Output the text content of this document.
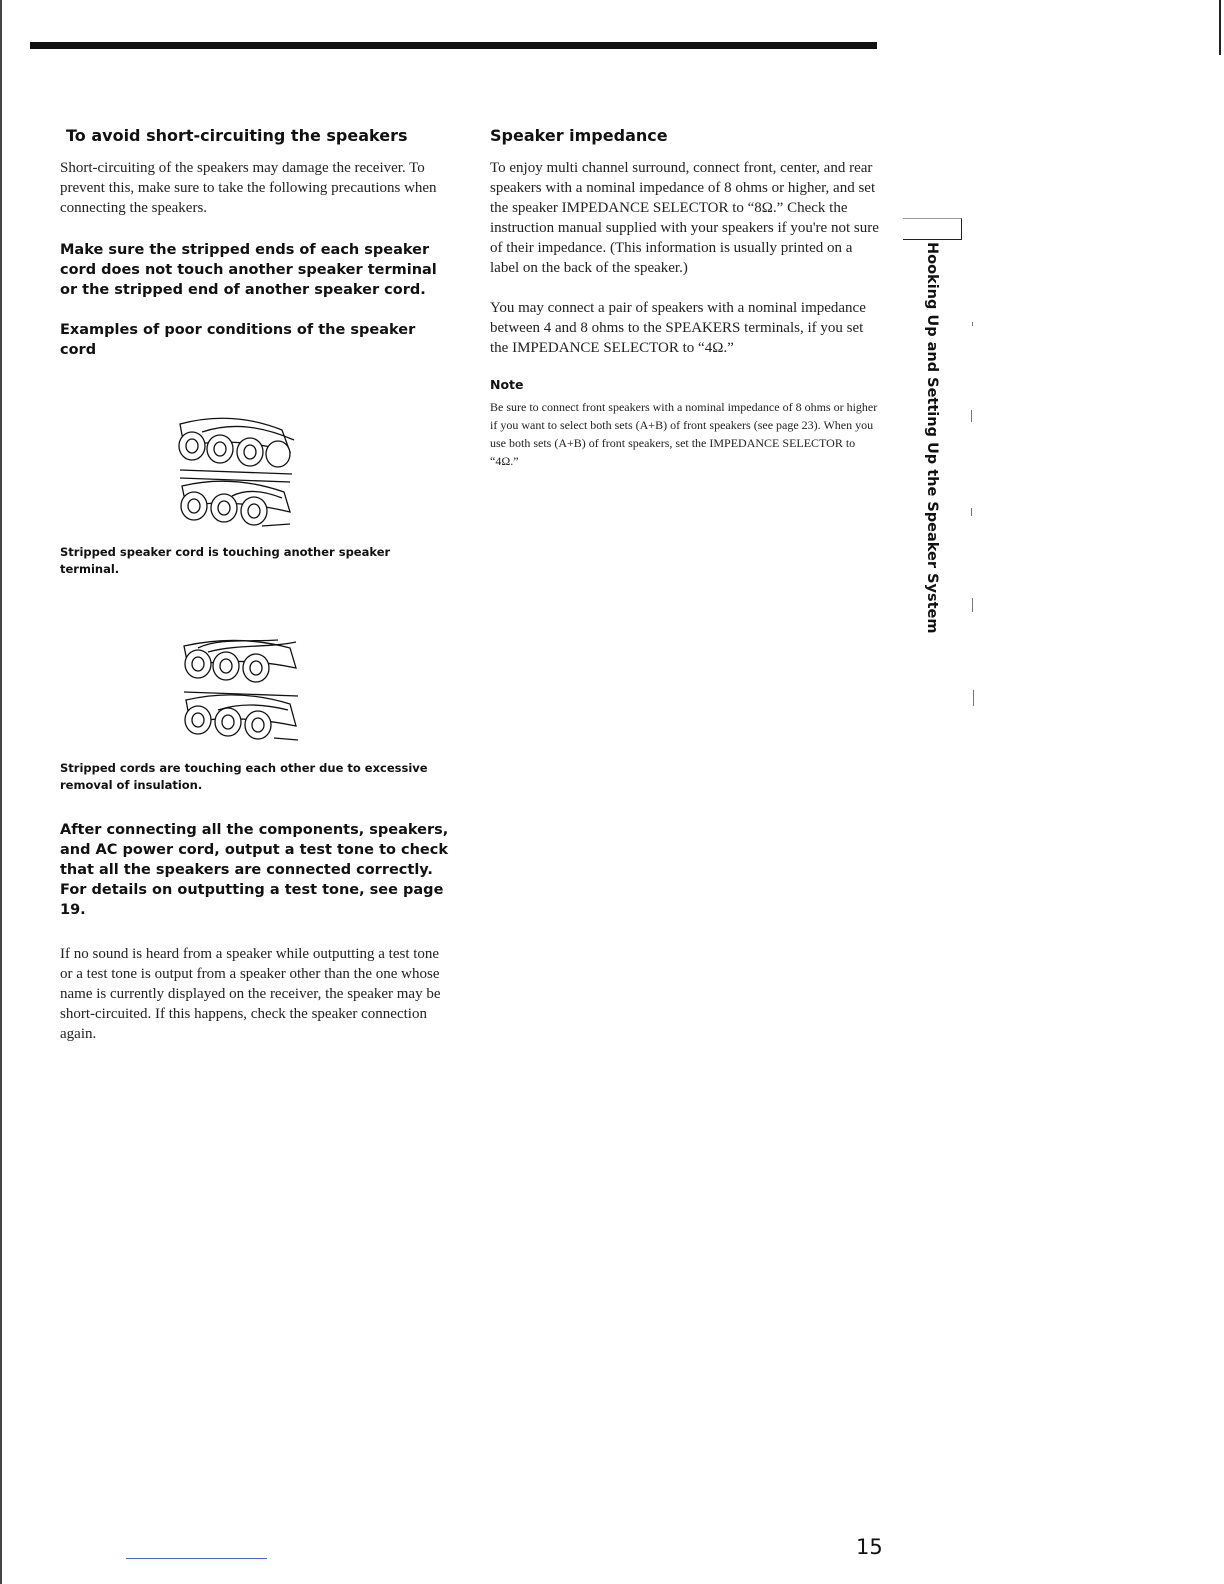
To avoid short-circuiting the speakers

Short-circuiting of the speakers may damage the receiver. To prevent this, make sure to take the following precautions when connecting the speakers.

Make sure the stripped ends of each speaker cord does not touch another speaker terminal or the stripped end of another speaker cord.

Examples of poor conditions of the speaker cord

Stripped speaker cord is touching another speaker terminal.

Stripped cords are touching each other due to excessive removal of insulation.

After connecting all the components, speakers, and AC power cord, output a test tone to check that all the speakers are connected correctly. For details on outputting a test tone, see page 19.

If no sound is heard from a speaker while outputting a test tone or a test tone is output from a speaker other than the one whose name is currently displayed on the receiver, the speaker may be short-circuited. If this happens, check the speaker connection again.

Speaker impedance

To enjoy multi channel surround, connect front, center, and rear speakers with a nominal impedance of 8 ohms or higher, and set the speaker IMPEDANCE SELECTOR to “8Ω.” Check the instruction manual supplied with your speakers if you're not sure of their impedance. (This information is usually printed on a label on the back of the speaker.)

You may connect a pair of speakers with a nominal impedance between 4 and 8 ohms to the SPEAKERS terminals, if you set the IMPEDANCE SELECTOR to “4Ω.”

Note

Be sure to connect front speakers with a nominal impedance of 8 ohms or higher if you want to select both sets (A+B) of front speakers (see page 23). When you use both sets (A+B) of front speakers, set the IMPEDANCE SELECTOR to “4Ω.”	Hooking Up and Setting Up the Speaker System
15
